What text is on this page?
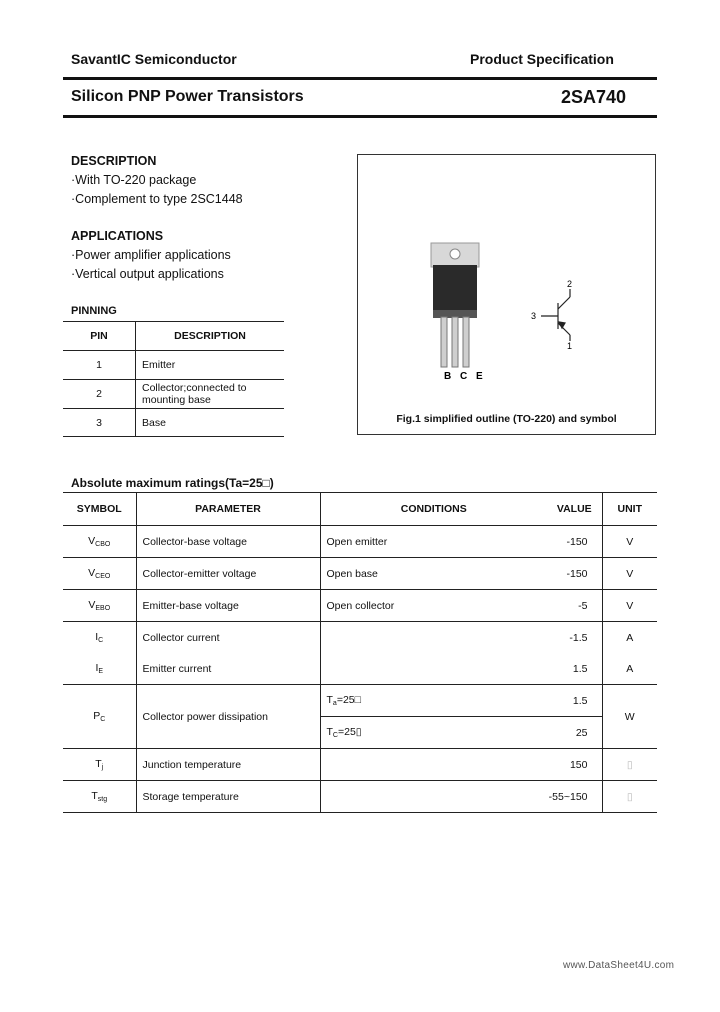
SavantIC Semiconductor	Product Specification
Silicon PNP Power Transistors	2SA740
DESCRIPTION
·With TO-220 package
·Complement to type 2SC1448
APPLICATIONS
·Power amplifier applications
·Vertical output applications
PINNING
PIN	DESCRIPTION
1	Emitter
2	Collector;connected to
mounting base
3	Base
B C E
3
2
1
Fig.1 simplified outline (TO-220) and symbol
Absolute maximum ratings(Ta=25□)
SYMBOL	PARAMETER	CONDITIONS	VALUE	UNIT
$V_{CBO}$	Collector-base voltage	Open emitter	-150	V
$V_{CEO}$	Collector-emitter voltage	Open base	-150	V
$V_{EBO}$	Emitter-base voltage	Open collector	-5	V
$I_C$	Collector current		-1.5	A
$I_E$	Emitter current		1.5	A
$P_C$	Collector power dissipation	$T_a=25□$	1.5	W
		$T_C=25▯$	25	
$T_j$	Junction temperature		150	▯
$T_{stg}$	Storage temperature		-55~150	▯
www.DataSheet4U.com
